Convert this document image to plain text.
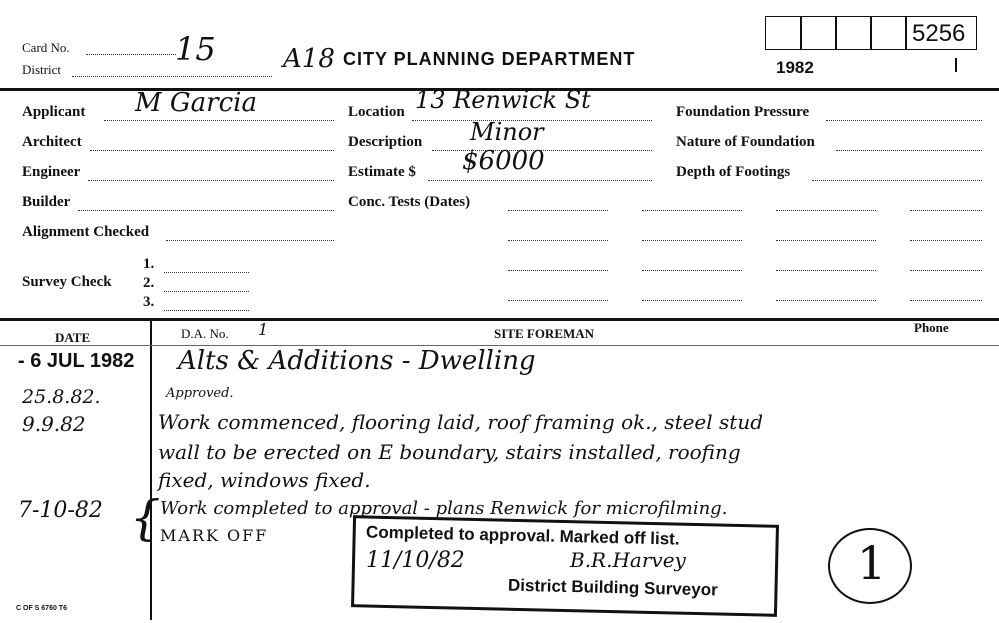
Card No.
District
15	A18 CITY PLANNING DEPARTMENT	1982
5256
Applicant M Garcia
Architect
Engineer
Builder
Alignment Checked
Survey Check
1.
2.
3.
Location 13 Renwick St
Description Minor
Estimate $ $6000
Conc. Tests (Dates)
Foundation Pressure
Nature of Foundation
Depth of Footings
DATE	D.A. No. 1	SITE FOREMAN	Phone
- 6 JUL 1982 Alts & Additions - Dwelling
25.8.82.	Approved.
9.9.82	Work commenced, flooring laid, roof framing ok., steel stud
wall to be erected on E boundary, stairs installed, roofing
fixed, windows fixed.
7-10-82 { Work completed to approval - plans Renwick for microfilming.
MARK OFF	Completed to approval. Marked off list.
11/10/82	B.R.Harvey
District Building Surveyor	1
C OF S 6760 T6
